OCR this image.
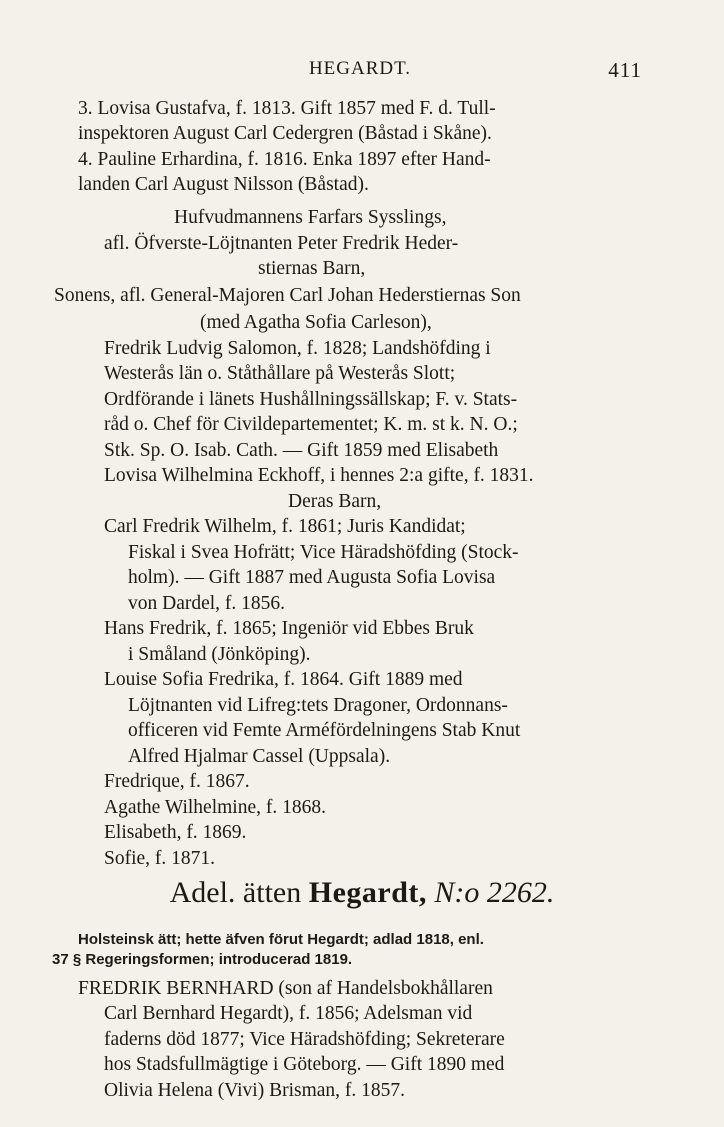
HEGARDT.	411
3. Lovisa Gustafva, f. 1813. Gift 1857 med F. d. Tull-
inspektoren August Carl Cedergren (Båstad i Skåne).
4. Pauline Erhardina, f. 1816. Enka 1897 efter Hand-
landen Carl August Nilsson (Båstad).
Hufvudmannens Farfars Sysslings,
afl. Öfverste-Löjtnanten Peter Fredrik Heder-
stiernas Barn,
Sonens, afl. General-Majoren Carl Johan Hederstiernas Son
(med Agatha Sofia Carleson),
Fredrik Ludvig Salomon, f. 1828; Landshöfding i
Westerås län o. Ståthållare på Westerås Slott;
Ordförande i länets Hushållningssällskap; F. v. Stats-
råd o. Chef för Civildepartementet; K. m. st k. N. O.;
Stk. Sp. O. Isab. Cath. — Gift 1859 med Elisabeth
Lovisa Wilhelmina Eckhoff, i hennes 2:a gifte, f. 1831.
Deras Barn,
Carl Fredrik Wilhelm, f. 1861; Juris Kandidat;
Fiskal i Svea Hofrätt; Vice Häradshöfding (Stock-
holm). — Gift 1887 med Augusta Sofia Lovisa
von Dardel, f. 1856.
Hans Fredrik, f. 1865; Ingeniör vid Ebbes Bruk
i Småland (Jönköping).
Louise Sofia Fredrika, f. 1864. Gift 1889 med
Löjtnanten vid Lifreg:tets Dragoner, Ordonnans-
officeren vid Femte Arméfördelningens Stab Knut
Alfred Hjalmar Cassel (Uppsala).
Fredrique, f. 1867.
Agathe Wilhelmine, f. 1868.
Elisabeth, f. 1869.
Sofie, f. 1871.
Adel. ätten Hegardt, N:o 2262.
Holsteinsk ätt; hette äfven förut Hegardt; adlad 1818, enl.
37 § Regeringsformen; introducerad 1819.
FREDRIK BERNHARD (son af Handelsbokhållaren
Carl Bernhard Hegardt), f. 1856; Adelsman vid
faderns död 1877; Vice Häradshöfding; Sekreterare
hos Stadsfullmägtige i Göteborg. — Gift 1890 med
Olivia Helena (Vivi) Brisman, f. 1857.
